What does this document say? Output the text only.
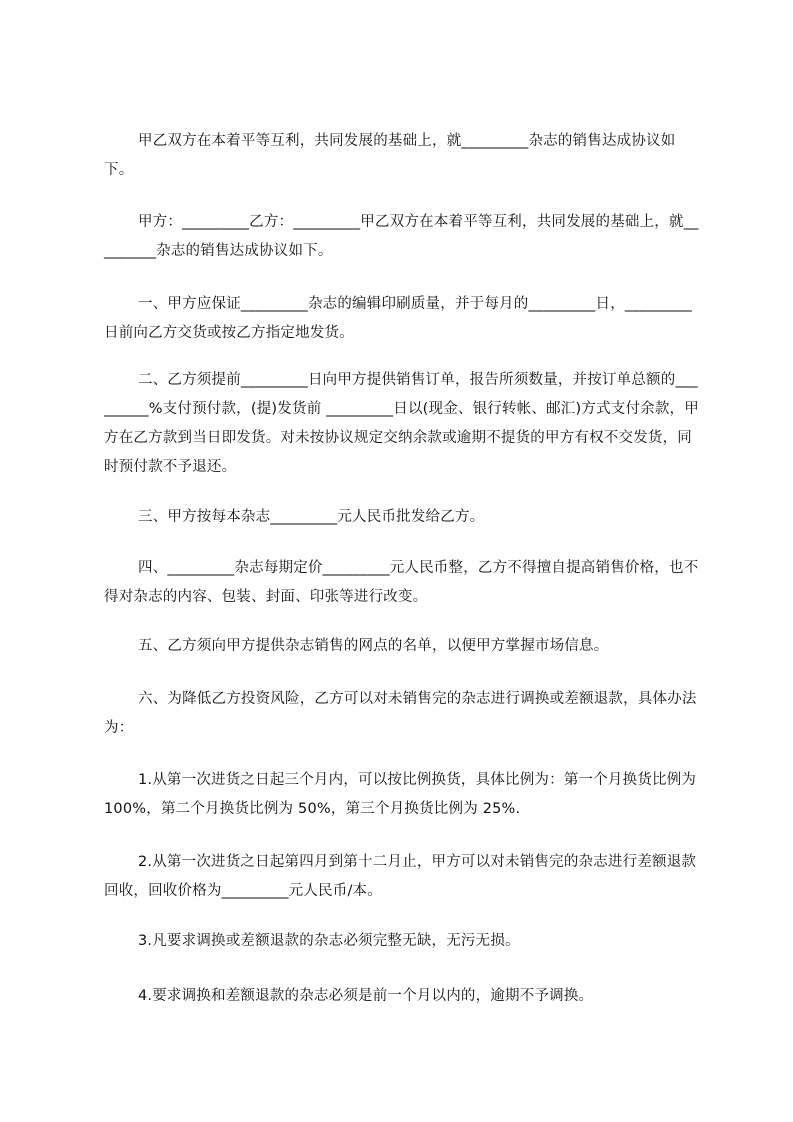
甲乙双方在本着平等互利，共同发展的基础上，就_________杂志的销售达成协议如下。

甲方：_________乙方：_________甲乙双方在本着平等互利，共同发展的基础上，就_________杂志的销售达成协议如下。

一、甲方应保证_________杂志的编辑印刷质量，并于每月的_________日，_________日前向乙方交货或按乙方指定地发货。

二、乙方须提前_________日向甲方提供销售订单，报告所须数量，并按订单总额的_________%支付预付款，(提)发货前 _________日以(现金、银行转帐、邮汇)方式支付余款，甲方在乙方款到当日即发货。对未按协议规定交纳余款或逾期不提货的甲方有权不交发货，同时预付款不予退还。

三、甲方按每本杂志_________元人民币批发给乙方。

四、_________杂志每期定价_________元人民币整，乙方不得擅自提高销售价格，也不得对杂志的内容、包装、封面、印张等进行改变。

五、乙方须向甲方提供杂志销售的网点的名单，以便甲方掌握市场信息。

六、为降低乙方投资风险，乙方可以对未销售完的杂志进行调换或差额退款，具体办法为：

1.从第一次进货之日起三个月内，可以按比例换货，具体比例为：第一个月换货比例为 100%，第二个月换货比例为 50%，第三个月换货比例为 25%.

2.从第一次进货之日起第四月到第十二月止，甲方可以对未销售完的杂志进行差额退款回收，回收价格为_________元人民币/本。

3.凡要求调换或差额退款的杂志必须完整无缺，无污无损。

4.要求调换和差额退款的杂志必须是前一个月以内的，逾期不予调换。
